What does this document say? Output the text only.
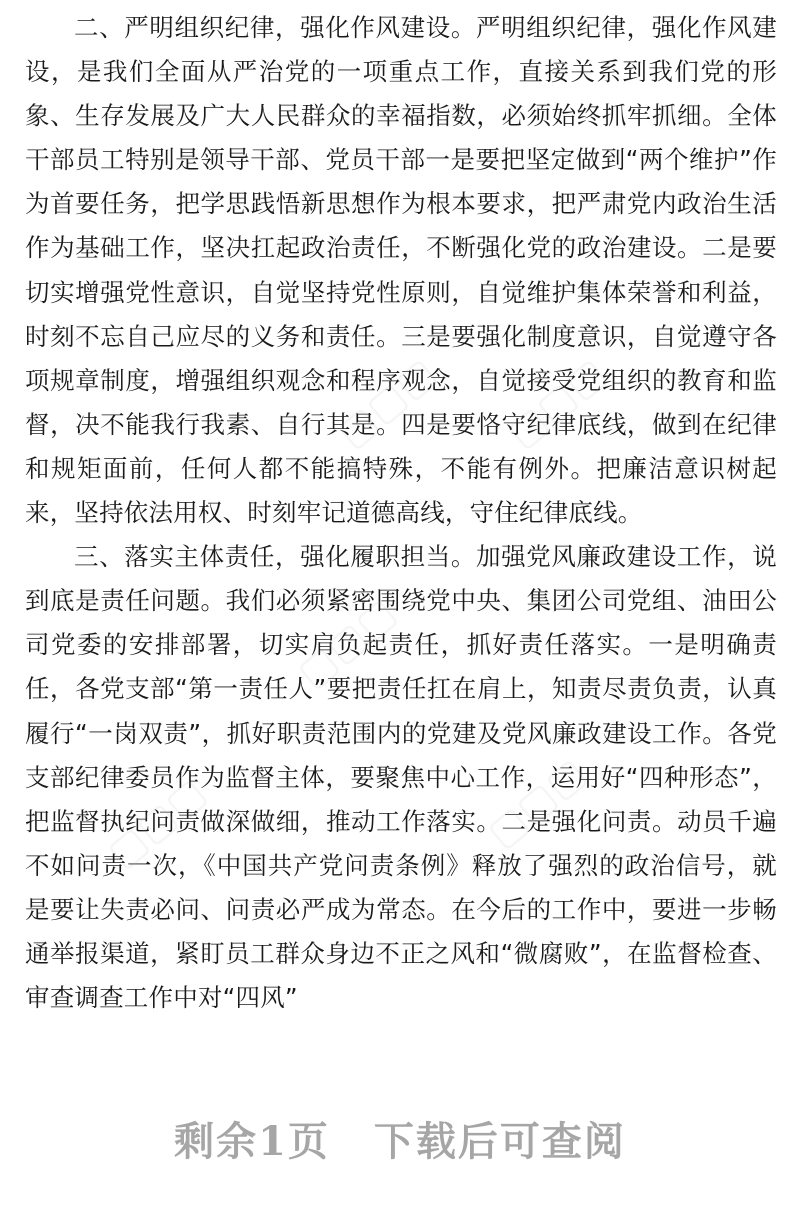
二、严明组织纪律，强化作风建设。严明组织纪律，强化作风建设，是我们全面从严治党的一项重点工作，直接关系到我们党的形象、生存发展及广大人民群众的幸福指数，必须始终抓牢抓细。全体干部员工特别是领导干部、党员干部一是要把坚定做到“两个维护”作为首要任务，把学思践悟新思想作为根本要求，把严肃党内政治生活作为基础工作，坚决扛起政治责任，不断强化党的政治建设。二是要切实增强党性意识，自觉坚持党性原则，自觉维护集体荣誉和利益，时刻不忘自己应尽的义务和责任。三是要强化制度意识，自觉遵守各项规章制度，增强组织观念和程序观念，自觉接受党组织的教育和监督，决不能我行我素、自行其是。四是要恪守纪律底线，做到在纪律和规矩面前，任何人都不能搞特殊，不能有例外。把廉洁意识树起来，坚持依法用权、时刻牢记道德高线，守住纪律底线。

三、落实主体责任，强化履职担当。加强党风廉政建设工作，说到底是责任问题。我们必须紧密围绕党中央、集团公司党组、油田公司党委的安排部署，切实肩负起责任，抓好责任落实。一是明确责任，各党支部“第一责任人”要把责任扛在肩上，知责尽责负责，认真履行“一岗双责”，抓好职责范围内的党建及党风廉政建设工作。各党支部纪律委员作为监督主体，要聚焦中心工作，运用好“四种形态”，把监督执纪问责做深做细，推动工作落实。二是强化问责。动员千遍不如问责一次，《中国共产党问责条例》释放了强烈的政治信号，就是要让失责必问、问责必严成为常态。在今后的工作中，要进一步畅通举报渠道，紧盯员工群众身边不正之风和“微腐败”，在监督检查、审查调查工作中对“四风”

▢▢▢ ▢▢▢
▢▢▢
▢▢▢	▢▢▢
剩余1页 下载后可查阅
